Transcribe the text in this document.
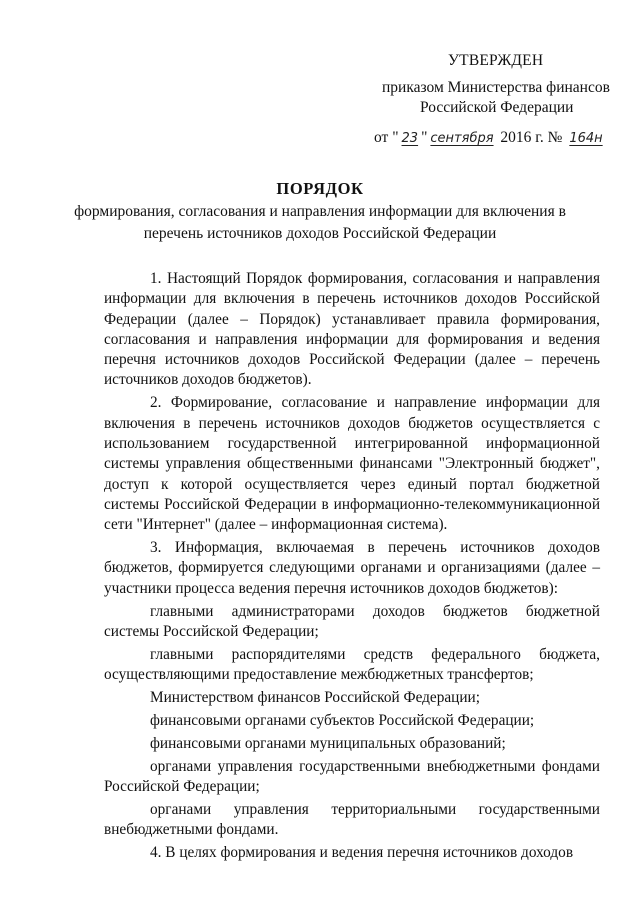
УТВЕРЖДЕН
приказом Министерства финансов
Российской Федерации
от " 23 " сентября 2016 г. № 164н
ПОРЯДОК
формирования, согласования и направления информации для включения в
перечень источников доходов Российской Федерации

1. Настоящий Порядок формирования, согласования и направления информации для включения в перечень источников доходов Российской Федерации (далее – Порядок) устанавливает правила формирования, согласования и направления информации для формирования и ведения перечня источников доходов Российской Федерации (далее – перечень источников доходов бюджетов).

2. Формирование, согласование и направление информации для включения в перечень источников доходов бюджетов осуществляется с использованием государственной интегрированной информационной системы управления общественными финансами "Электронный бюджет", доступ к которой осуществляется через единый портал бюджетной системы Российской Федерации в информационно-телекоммуникационной сети "Интернет" (далее – информационная система).

3. Информация, включаемая в перечень источников доходов бюджетов, формируется следующими органами и организациями (далее – участники процесса ведения перечня источников доходов бюджетов):

главными администраторами доходов бюджетов бюджетной системы Российской Федерации;

главными распорядителями средств федерального бюджета, осуществляющими предоставление межбюджетных трансфертов;

Министерством финансов Российской Федерации;

финансовыми органами субъектов Российской Федерации;

финансовыми органами муниципальных образований;

органами управления государственными внебюджетными фондами Российской Федерации;

органами управления территориальными государственными внебюджетными фондами.

4. В целях формирования и ведения перечня источников доходов
